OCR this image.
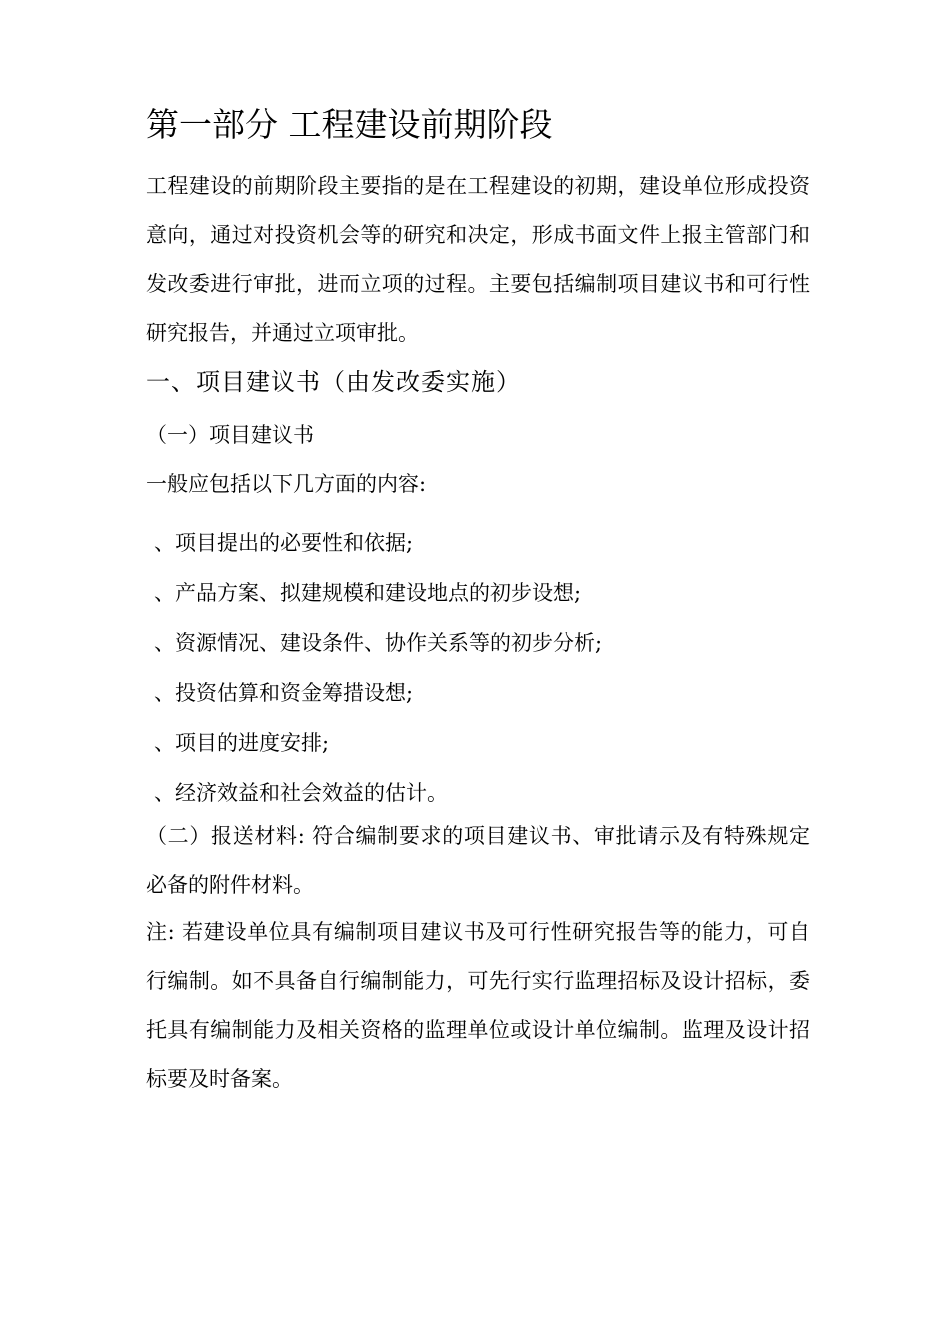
第一部分 工程建设前期阶段

工程建设的前期阶段主要指的是在工程建设的初期，建设单位形成投资意向，通过对投资机会等的研究和决定，形成书面文件上报主管部门和发改委进行审批，进而立项的过程。主要包括编制项目建议书和可行性研究报告，并通过立项审批。

一、项目建议书（由发改委实施）

（一）项目建议书

一般应包括以下几方面的内容:

、项目提出的必要性和依据;
、产品方案、拟建规模和建设地点的初步设想;
、资源情况、建设条件、协作关系等的初步分析;
、投资估算和资金筹措设想;
、项目的进度安排;
、经济效益和社会效益的估计。

（二）报送材料: 符合编制要求的项目建议书、审批请示及有特殊规定必备的附件材料。

注: 若建设单位具有编制项目建议书及可行性研究报告等的能力，可自行编制。如不具备自行编制能力，可先行实行监理招标及设计招标，委托具有编制能力及相关资格的监理单位或设计单位编制。监理及设计招标要及时备案。
